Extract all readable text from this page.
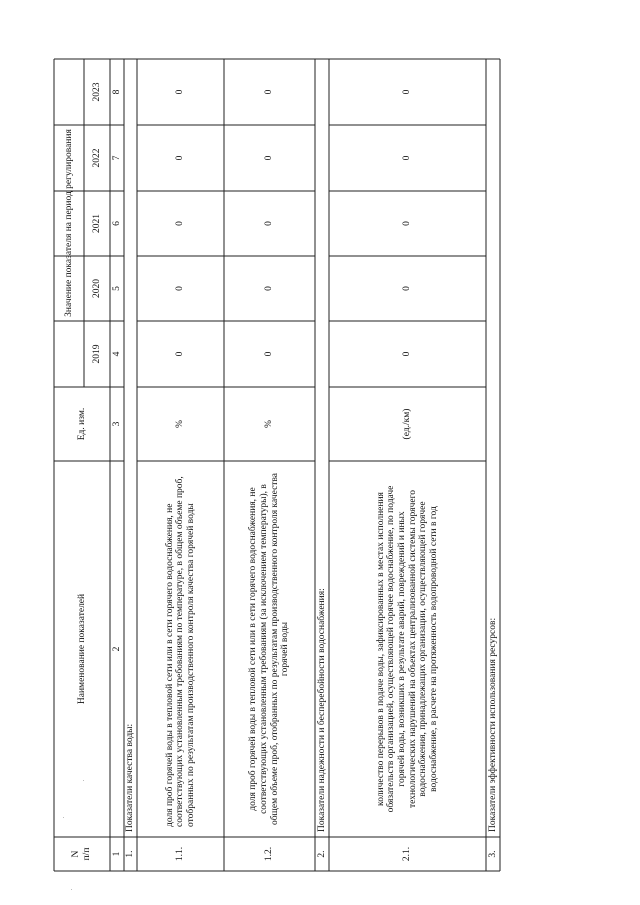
N
п/п
Наименование показателей
Ед. изм.
Значение показателя на период регулирования
2019
2020
2021
2022
2023
1
2
3
4
5
6
7
8
1.
Показатели качества воды:
1.1.
доля проб горячей воды в тепловой сети или в сети горячего водоснабжения, не соответствующих установленным требованиям по температуре, в общем объеме проб, отобранных по результатам производственного контроля качества горячей воды
%
0
0
0
0
0
1.2.
доля проб горячей воды в тепловой сети или в сети горячего водоснабжения, не соответствующих установленным требованиям (за исключением температуры), в общем объеме проб, отобранных по результатам производственного контроля качества горячей воды
%
0
0
0
0
0
2.
Показатели надежности и бесперебойности водоснабжения:
2.1.
количество перерывов в подаче воды, зафиксированных в местах исполнения обязательств организацией, осуществляющей горячее водоснабжение, по подаче горячей воды, возникших в результате аварий, повреждений и иных технологических нарушений на объектах централизованной системы горячего водоснабжения, принадлежащих организации, осуществляющей горячее водоснабжение, в расчете на протяженность водопроводной сети в год
(ед./км)
0
0
0
0
0
3.
Показатели эффективности использования ресурсов:
